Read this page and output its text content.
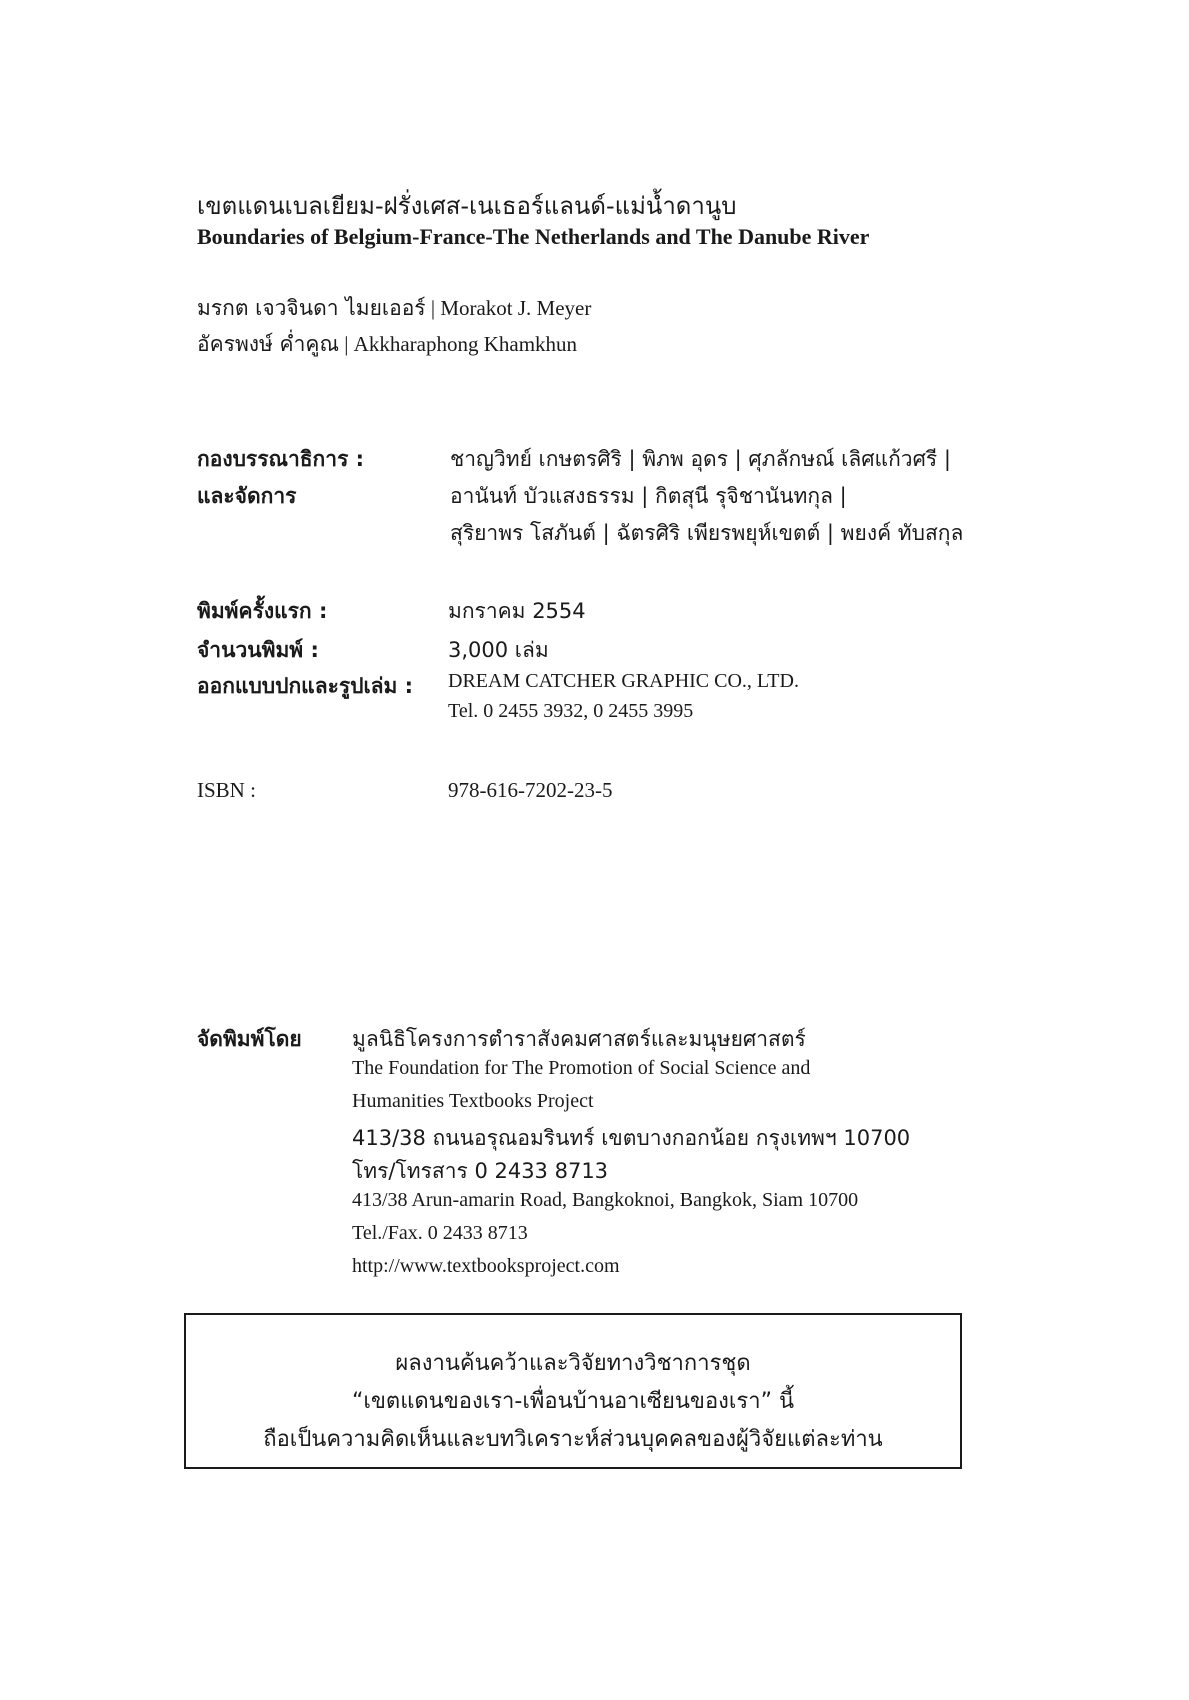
เขตแดนเบลเยียม-ฝรั่งเศส-เนเธอร์แลนด์-แม่น้ำดานูบ
Boundaries of Belgium-France-The Netherlands and The Danube River
มรกต เจวจินดา ไมยเออร์ | Morakot J. Meyer
อัครพงษ์ ค่ำคูณ | Akkharaphong Khamkhun
กองบรรณาธิการ :
และจัดการ
ชาญวิทย์ เกษตรศิริ | พิภพ อุดร | ศุภลักษณ์ เลิศแก้วศรี |
อานันท์ บัวแสงธรรม | กิตสุนี รุจิชานันทกุล |
สุริยาพร โสภันต์ | ฉัตรศิริ เพียรพยุห์เขตต์ | พยงค์ ทับสกุล
พิมพ์ครั้งแรก :	มกราคม 2554
จำนวนพิมพ์ :	3,000 เล่ม
ออกแบบปกและรูปเล่ม : DREAM CATCHER GRAPHIC CO., LTD.
Tel. 0 2455 3932, 0 2455 3995
ISBN :	978-616-7202-23-5
จัดพิมพ์โดย มูลนิธิโครงการตำราสังคมศาสตร์และมนุษยศาสตร์
The Foundation for The Promotion of Social Science and
Humanities Textbooks Project
413/38 ถนนอรุณอมรินทร์ เขตบางกอกน้อย กรุงเทพฯ 10700
โทร/โทรสาร 0 2433 8713
413/38 Arun-amarin Road, Bangkoknoi, Bangkok, Siam 10700
Tel./Fax. 0 2433 8713
http://www.textbooksproject.com
ผลงานค้นคว้าและวิจัยทางวิชาการชุด
“เขตแดนของเรา-เพื่อนบ้านอาเซียนของเรา” นี้
ถือเป็นความคิดเห็นและบทวิเคราะห์ส่วนบุคคลของผู้วิจัยแต่ละท่าน
